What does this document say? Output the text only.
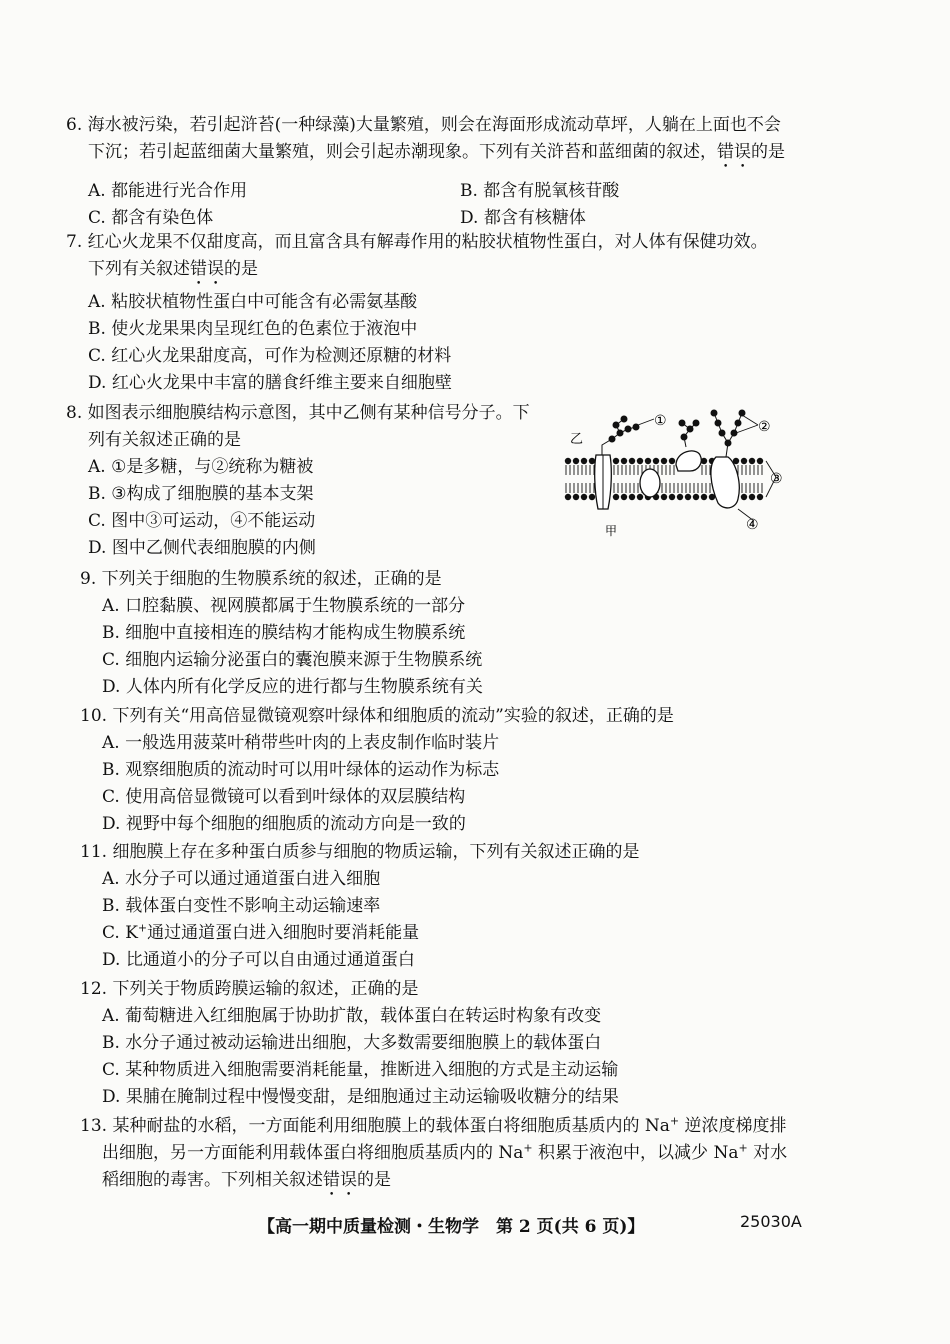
6. 海水被污染，若引起浒苔(一种绿藻)大量繁殖，则会在海面形成流动草坪，人躺在上面也不会
下沉；若引起蓝细菌大量繁殖，则会引起赤潮现象。下列有关浒苔和蓝细菌的叙述，错误的是
A. 都能进行光合作用	B. 都含有脱氧核苷酸
C. 都含有染色体	D. 都含有核糖体
7. 红心火龙果不仅甜度高，而且富含具有解毒作用的粘胶状植物性蛋白，对人体有保健功效。
下列有关叙述错误的是
A. 粘胶状植物性蛋白中可能含有必需氨基酸
B. 使火龙果果肉呈现红色的色素位于液泡中
C. 红心火龙果甜度高，可作为检测还原糖的材料
D. 红心火龙果中丰富的膳食纤维主要来自细胞壁
8. 如图表示细胞膜结构示意图，其中乙侧有某种信号分子。下
列有关叙述正确的是
A. ①是多糖，与②统称为糖被
B. ③构成了细胞膜的基本支架
C. 图中③可运动，④不能运动
D. 图中乙侧代表细胞膜的内侧
乙
甲
①	②
③
④
9. 下列关于细胞的生物膜系统的叙述，正确的是
A. 口腔黏膜、视网膜都属于生物膜系统的一部分
B. 细胞中直接相连的膜结构才能构成生物膜系统
C. 细胞内运输分泌蛋白的囊泡膜来源于生物膜系统
D. 人体内所有化学反应的进行都与生物膜系统有关
10. 下列有关“用高倍显微镜观察叶绿体和细胞质的流动”实验的叙述，正确的是
A. 一般选用菠菜叶稍带些叶肉的上表皮制作临时装片
B. 观察细胞质的流动时可以用叶绿体的运动作为标志
C. 使用高倍显微镜可以看到叶绿体的双层膜结构
D. 视野中每个细胞的细胞质的流动方向是一致的
11. 细胞膜上存在多种蛋白质参与细胞的物质运输，下列有关叙述正确的是
A. 水分子可以通过通道蛋白进入细胞
B. 载体蛋白变性不影响主动运输速率
C. K+通过通道蛋白进入细胞时要消耗能量
D. 比通道小的分子可以自由通过通道蛋白
12. 下列关于物质跨膜运输的叙述，正确的是
A. 葡萄糖进入红细胞属于协助扩散，载体蛋白在转运时构象有改变
B. 水分子通过被动运输进出细胞，大多数需要细胞膜上的载体蛋白
C. 某种物质进入细胞需要消耗能量，推断进入细胞的方式是主动运输
D. 果脯在腌制过程中慢慢变甜，是细胞通过主动运输吸收糖分的结果
13. 某种耐盐的水稻，一方面能利用细胞膜上的载体蛋白将细胞质基质内的 Na+ 逆浓度梯度排
出细胞，另一方面能利用载体蛋白将细胞质基质内的 Na+ 积累于液泡中，以减少 Na+ 对水
稻细胞的毒害。下列相关叙述错误的是
【高一期中质量检测・生物学　第 2 页(共 6 页)】	25030A
